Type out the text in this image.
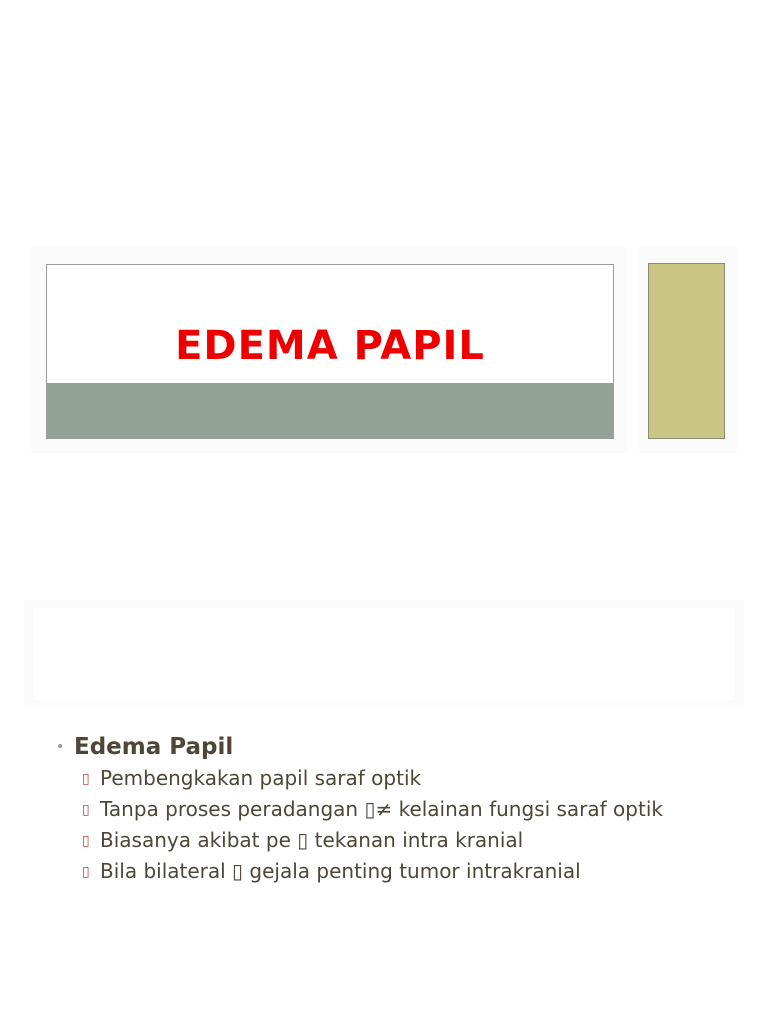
EDEMA PAPIL
• Edema Papil
▯ Pembengkakan papil saraf optik
▯ Tanpa proses peradangan ▯≠ kelainan fungsi saraf optik
▯ Biasanya akibat pe ▯ tekanan intra kranial
▯ Bila bilateral ▯ gejala penting tumor intrakranial
